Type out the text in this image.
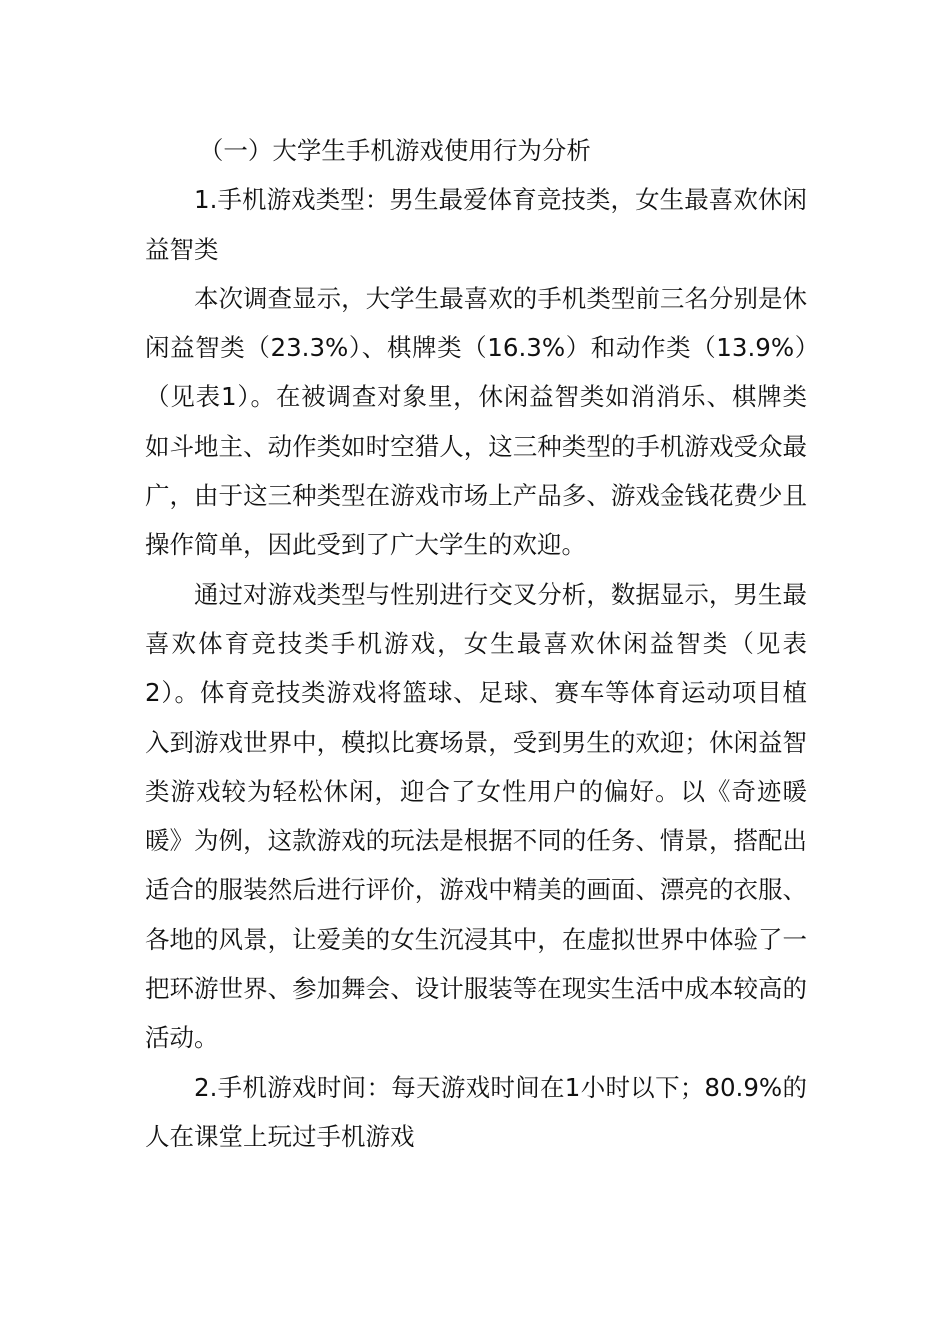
（一）大学生手机游戏使用行为分析

1.手机游戏类型：男生最爱体育竞技类，女生最喜欢休闲益智类

本次调查显示，大学生最喜欢的手机类型前三名分别是休闲益智类（23.3%）、棋牌类（16.3%）和动作类（13.9%）（见表1）。在被调查对象里，休闲益智类如消消乐、棋牌类如斗地主、动作类如时空猎人，这三种类型的手机游戏受众最广，由于这三种类型在游戏市场上产品多、游戏金钱花费少且操作简单，因此受到了广大学生的欢迎。

通过对游戏类型与性别进行交叉分析，数据显示，男生最喜欢体育竞技类手机游戏，女生最喜欢休闲益智类（见表2）。体育竞技类游戏将篮球、足球、赛车等体育运动项目植入到游戏世界中，模拟比赛场景，受到男生的欢迎；休闲益智类游戏较为轻松休闲，迎合了女性用户的偏好。以《奇迹暖暖》为例，这款游戏的玩法是根据不同的任务、情景，搭配出适合的服装然后进行评价，游戏中精美的画面、漂亮的衣服、各地的风景，让爱美的女生沉浸其中，在虚拟世界中体验了一把环游世界、参加舞会、设计服装等在现实生活中成本较高的活动。

2.手机游戏时间：每天游戏时间在1小时以下；80.9%的人在课堂上玩过手机游戏
